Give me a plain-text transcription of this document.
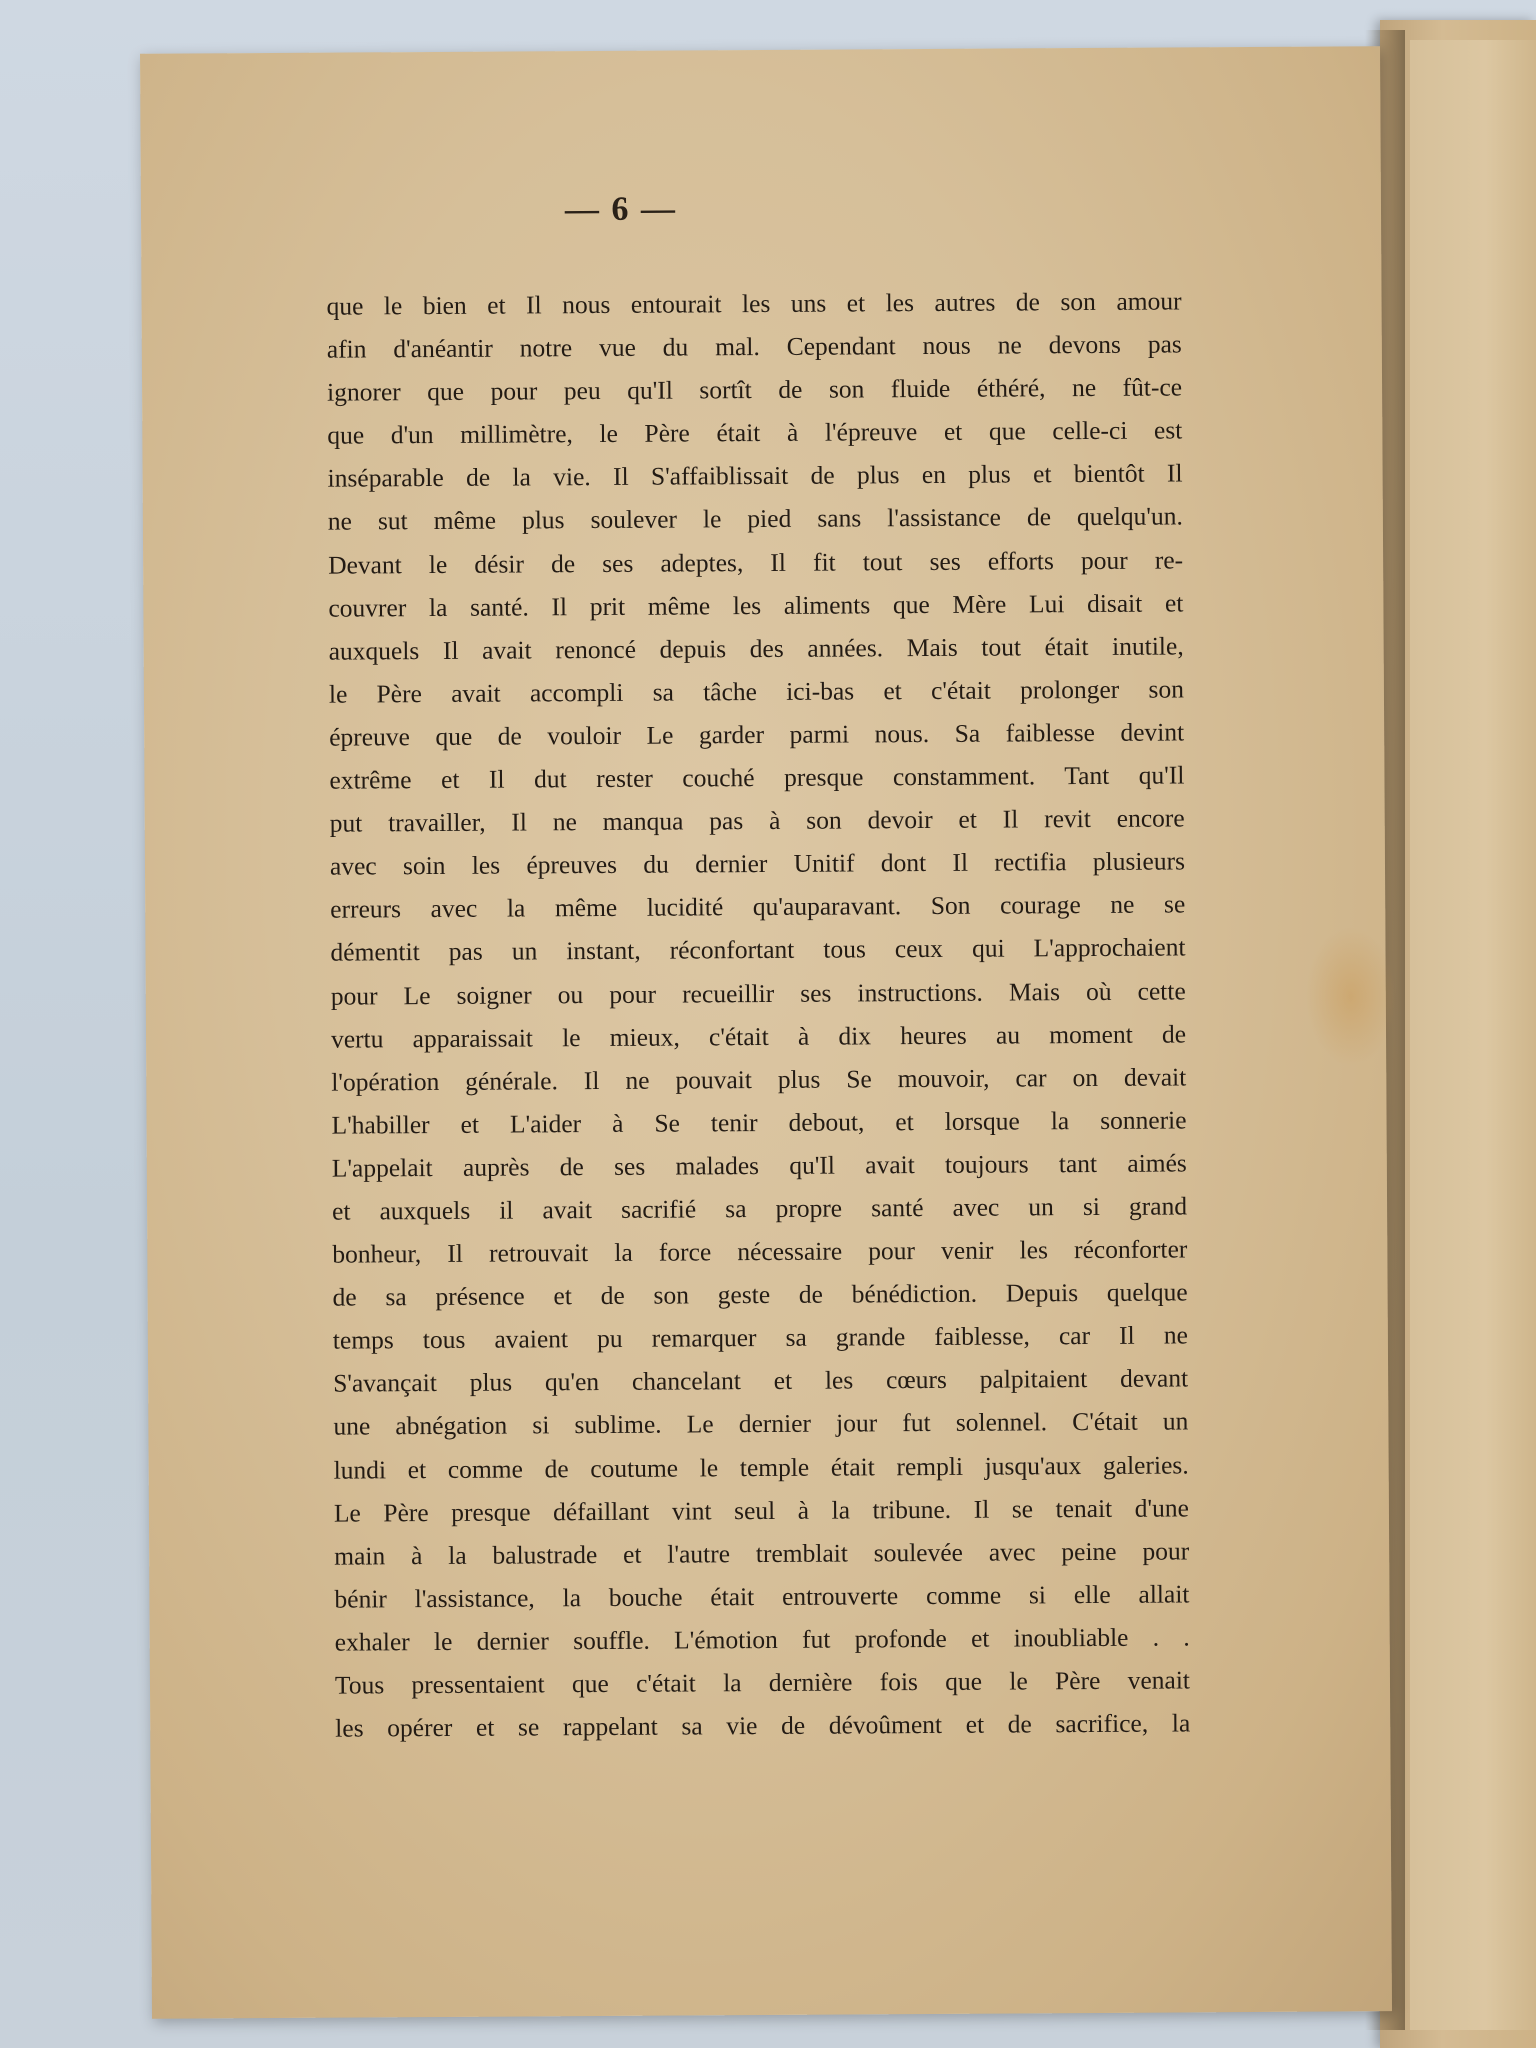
— 6 —
que le bien et Il nous entourait les uns et les autres de son amour
afin d'anéantir notre vue du mal. Cependant nous ne devons pas
ignorer que pour peu qu'Il sortît de son fluide éthéré, ne fût-ce
que d'un millimètre, le Père était à l'épreuve et que celle-ci est
inséparable de la vie. Il S'affaiblissait de plus en plus et bientôt Il
ne sut même plus soulever le pied sans l'assistance de quelqu'un.
Devant le désir de ses adeptes, Il fit tout ses efforts pour re-
couvrer la santé. Il prit même les aliments que Mère Lui disait et
auxquels Il avait renoncé depuis des années. Mais tout était inutile,
le Père avait accompli sa tâche ici-bas et c'était prolonger son
épreuve que de vouloir Le garder parmi nous. Sa faiblesse devint
extrême et Il dut rester couché presque constamment. Tant qu'Il
put travailler, Il ne manqua pas à son devoir et Il revit encore
avec soin les épreuves du dernier Unitif dont Il rectifia plusieurs
erreurs avec la même lucidité qu'auparavant. Son courage ne se
démentit pas un instant, réconfortant tous ceux qui L'approchaient
pour Le soigner ou pour recueillir ses instructions. Mais où cette
vertu apparaissait le mieux, c'était à dix heures au moment de
l'opération générale. Il ne pouvait plus Se mouvoir, car on devait
L'habiller et L'aider à Se tenir debout, et lorsque la sonnerie
L'appelait auprès de ses malades qu'Il avait toujours tant aimés
et auxquels il avait sacrifié sa propre santé avec un si grand
bonheur, Il retrouvait la force nécessaire pour venir les réconforter
de sa présence et de son geste de bénédiction. Depuis quelque
temps tous avaient pu remarquer sa grande faiblesse, car Il ne
S'avançait plus qu'en chancelant et les cœurs palpitaient devant
une abnégation si sublime. Le dernier jour fut solennel. C'était un
lundi et comme de coutume le temple était rempli jusqu'aux galeries.
Le Père presque défaillant vint seul à la tribune. Il se tenait d'une
main à la balustrade et l'autre tremblait soulevée avec peine pour
bénir l'assistance, la bouche était entrouverte comme si elle allait
exhaler le dernier souffle. L'émotion fut profonde et inoubliable . .
Tous pressentaient que c'était la dernière fois que le Père venait
les opérer et se rappelant sa vie de dévoûment et de sacrifice, la
